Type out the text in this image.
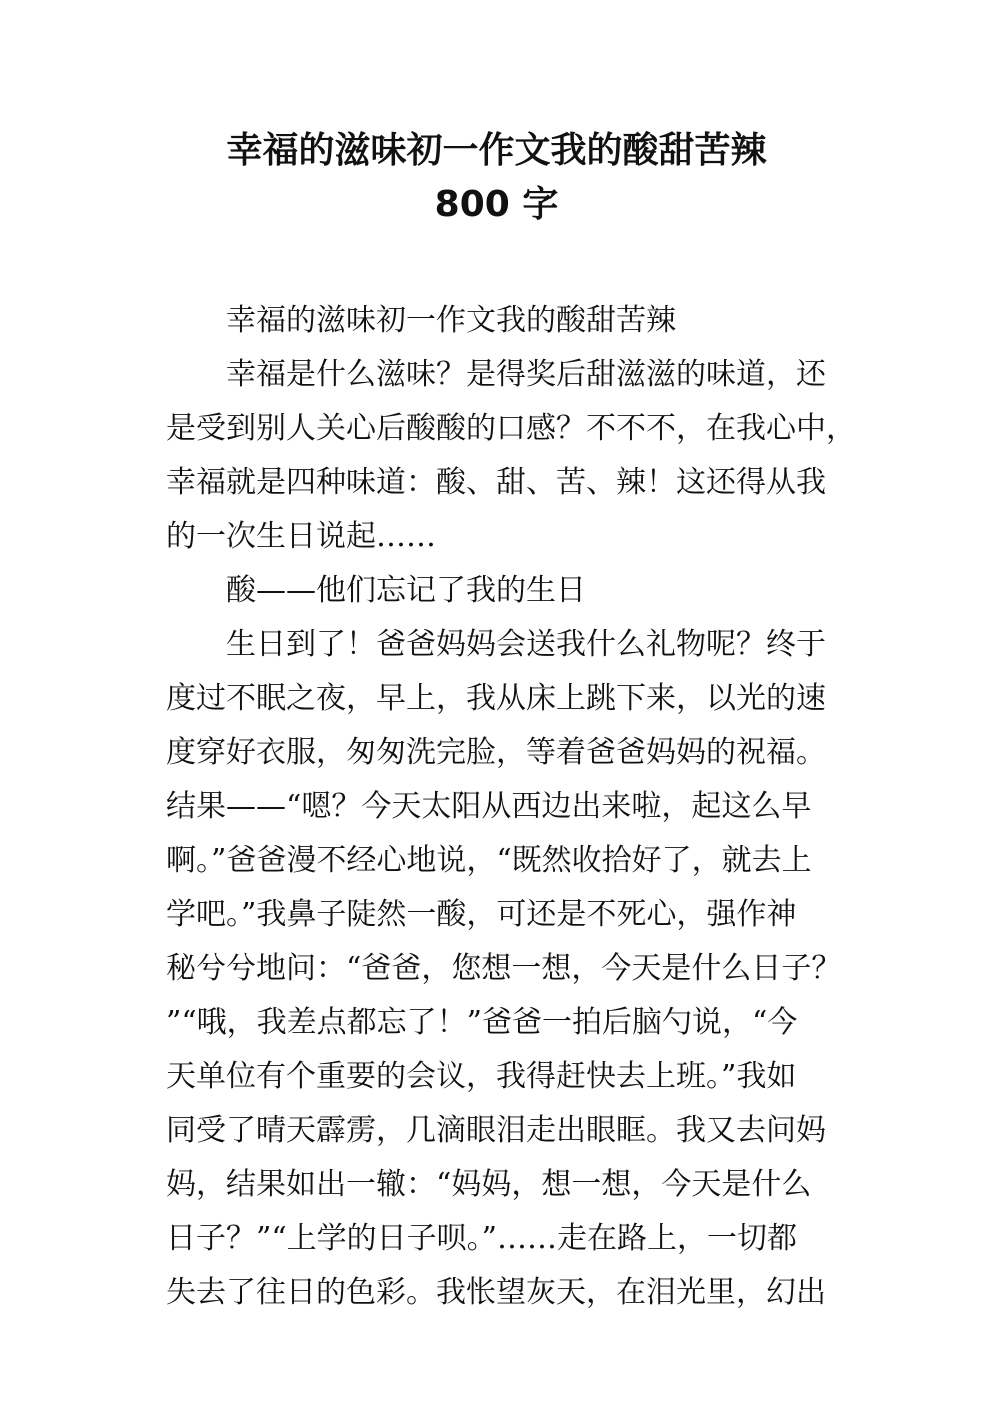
幸福的滋味初一作文我的酸甜苦辣
800 字
幸福的滋味初一作文我的酸甜苦辣
幸福是什么滋味？是得奖后甜滋滋的味道，还
是受到别人关心后酸酸的口感？不不不，在我心中，
幸福就是四种味道：酸、甜、苦、辣！这还得从我
的一次生日说起……
酸——他们忘记了我的生日
生日到了！爸爸妈妈会送我什么礼物呢？终于
度过不眠之夜，早上，我从床上跳下来，以光的速
度穿好衣服，匆匆洗完脸，等着爸爸妈妈的祝福。
结果——“嗯？今天太阳从西边出来啦，起这么早
啊。”爸爸漫不经心地说，“既然收拾好了，就去上
学吧。”我鼻子陡然一酸，可还是不死心，强作神
秘兮兮地问：“爸爸，您想一想，今天是什么日子？
”“哦，我差点都忘了！”爸爸一拍后脑勺说，“今
天单位有个重要的会议，我得赶快去上班。”我如
同受了晴天霹雳，几滴眼泪走出眼眶。我又去问妈
妈，结果如出一辙：“妈妈，想一想，今天是什么
日子？”“上学的日子呗。”……走在路上，一切都
失去了往日的色彩。我怅望灰天，在泪光里，幻出
